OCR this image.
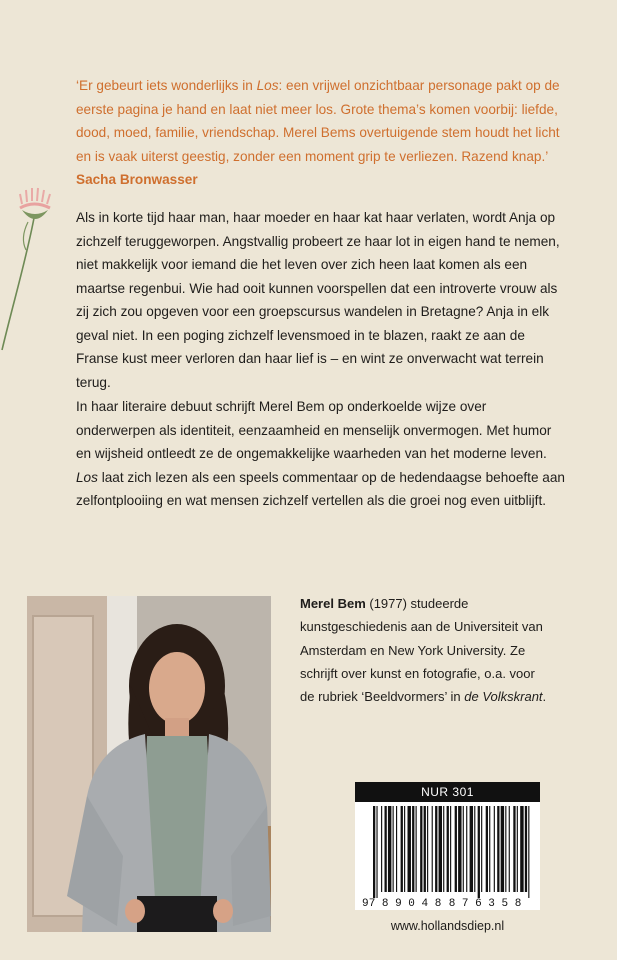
‘Er gebeurt iets wonderlijks in Los: een vrijwel onzichtbaar personage pakt op de eerste pagina je hand en laat niet meer los. Grote thema’s komen voorbij: liefde, dood, moed, familie, vriendschap. Merel Bems overtuigende stem houdt het licht en is vaak uiterst geestig, zonder een moment grip te verliezen. Razend knap.’ Sacha Bronwasser
Als in korte tijd haar man, haar moeder en haar kat haar verlaten, wordt Anja op zichzelf teruggeworpen. Angstvallig probeert ze haar lot in eigen hand te nemen, niet makkelijk voor iemand die het leven over zich heen laat komen als een maartse regenbui. Wie had ooit kunnen voorspellen dat een introverte vrouw als zij zich zou opgeven voor een groepscursus wandelen in Bretagne? Anja in elk geval niet. In een poging zichzelf levensmoed in te blazen, raakt ze aan de Franse kust meer verloren dan haar lief is – en wint ze onverwacht wat terrein terug.
In haar literaire debuut schrijft Merel Bem op onderkoelde wijze over onderwerpen als identiteit, eenzaamheid en menselijk onvermogen. Met humor en wijsheid ontleedt ze de ongemakkelijke waarheden van het moderne leven. Los laat zich lezen als een speels commentaar op de hedendaagse behoefte aan zelfontplooiing en wat mensen zichzelf vertellen als die groei nog even uitblijft.
Merel Bem (1977) studeerde kunstgeschiedenis aan de Universiteit van Amsterdam en New York University. Ze schrijft over kunst en fotografie, o.a. voor de rubriek ‘Beeldvormers’ in de Volkskrant.
NUR 301
9 7 8 9 0 4 8 8 7 6 3 5 8
www.hollandsdiep.nl
